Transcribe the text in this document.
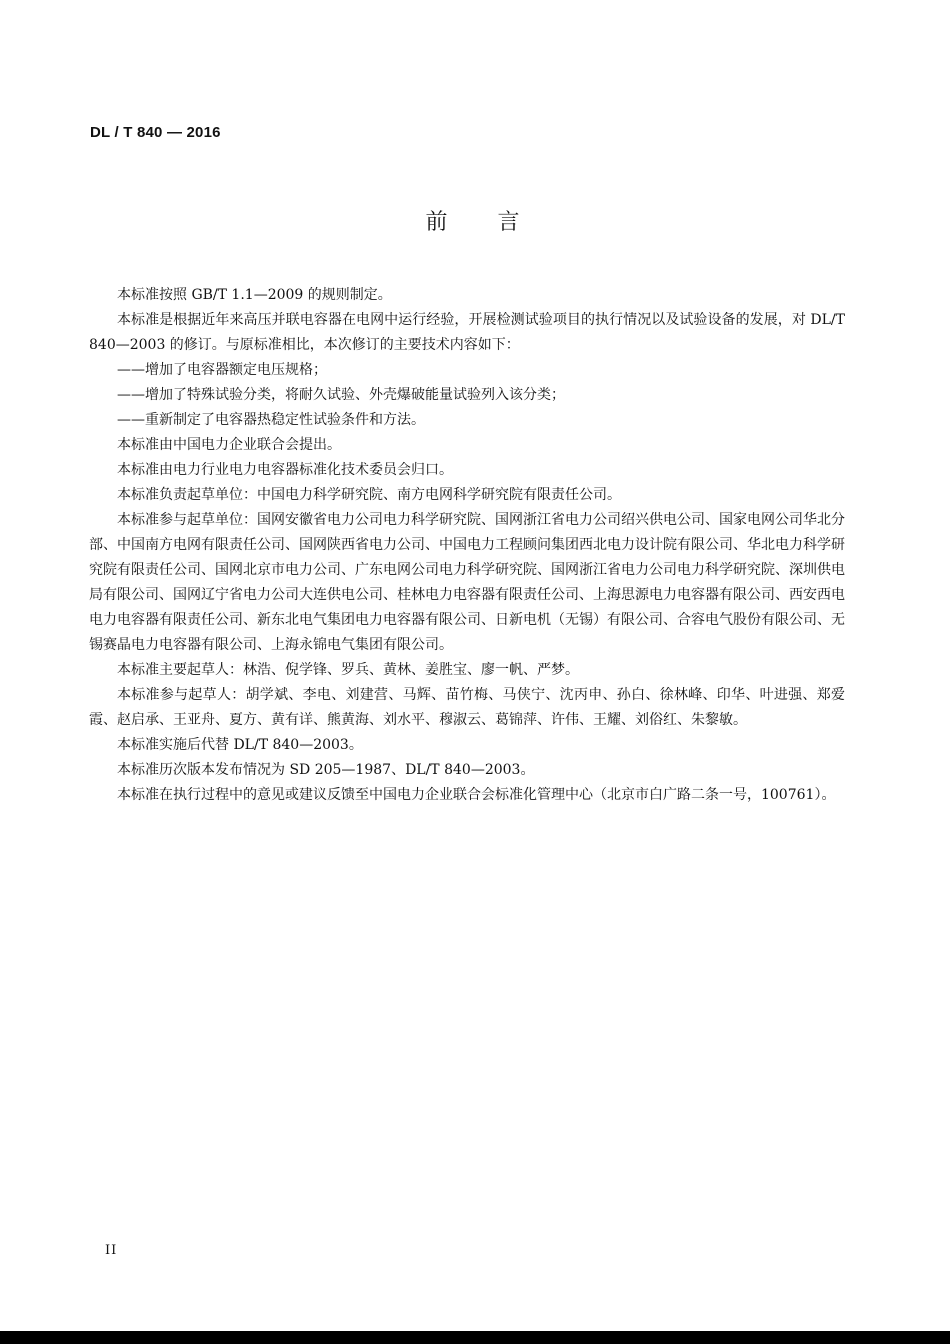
DL / T 840 — 2016
前言

本标准按照 GB/T 1.1—2009 的规则制定。

本标准是根据近年来高压并联电容器在电网中运行经验，开展检测试验项目的执行情况以及试验设备的发展，对 DL/T 840—2003 的修订。与原标准相比，本次修订的主要技术内容如下：

——增加了电容器额定电压规格；

——增加了特殊试验分类，将耐久试验、外壳爆破能量试验列入该分类；

——重新制定了电容器热稳定性试验条件和方法。

本标准由中国电力企业联合会提出。

本标准由电力行业电力电容器标准化技术委员会归口。

本标准负责起草单位：中国电力科学研究院、南方电网科学研究院有限责任公司。

本标准参与起草单位：国网安徽省电力公司电力科学研究院、国网浙江省电力公司绍兴供电公司、国家电网公司华北分部、中国南方电网有限责任公司、国网陕西省电力公司、中国电力工程顾问集团西北电力设计院有限公司、华北电力科学研究院有限责任公司、国网北京市电力公司、广东电网公司电力科学研究院、国网浙江省电力公司电力科学研究院、深圳供电局有限公司、国网辽宁省电力公司大连供电公司、桂林电力电容器有限责任公司、上海思源电力电容器有限公司、西安西电电力电容器有限责任公司、新东北电气集团电力电容器有限公司、日新电机（无锡）有限公司、合容电气股份有限公司、无锡赛晶电力电容器有限公司、上海永锦电气集团有限公司。

本标准主要起草人：林浩、倪学锋、罗兵、黄林、姜胜宝、廖一帆、严梦。

本标准参与起草人：胡学斌、李电、刘建营、马辉、苗竹梅、马侠宁、沈丙申、孙白、徐林峰、印华、叶进强、郑爱霞、赵启承、王亚舟、夏方、黄有详、熊黄海、刘水平、穆淑云、葛锦萍、许伟、王耀、刘俗红、朱黎敏。

本标准实施后代替 DL/T 840—2003。

本标准历次版本发布情况为 SD 205—1987、DL/T 840—2003。

本标准在执行过程中的意见或建议反馈至中国电力企业联合会标准化管理中心（北京市白广路二条一号，100761）。

II
